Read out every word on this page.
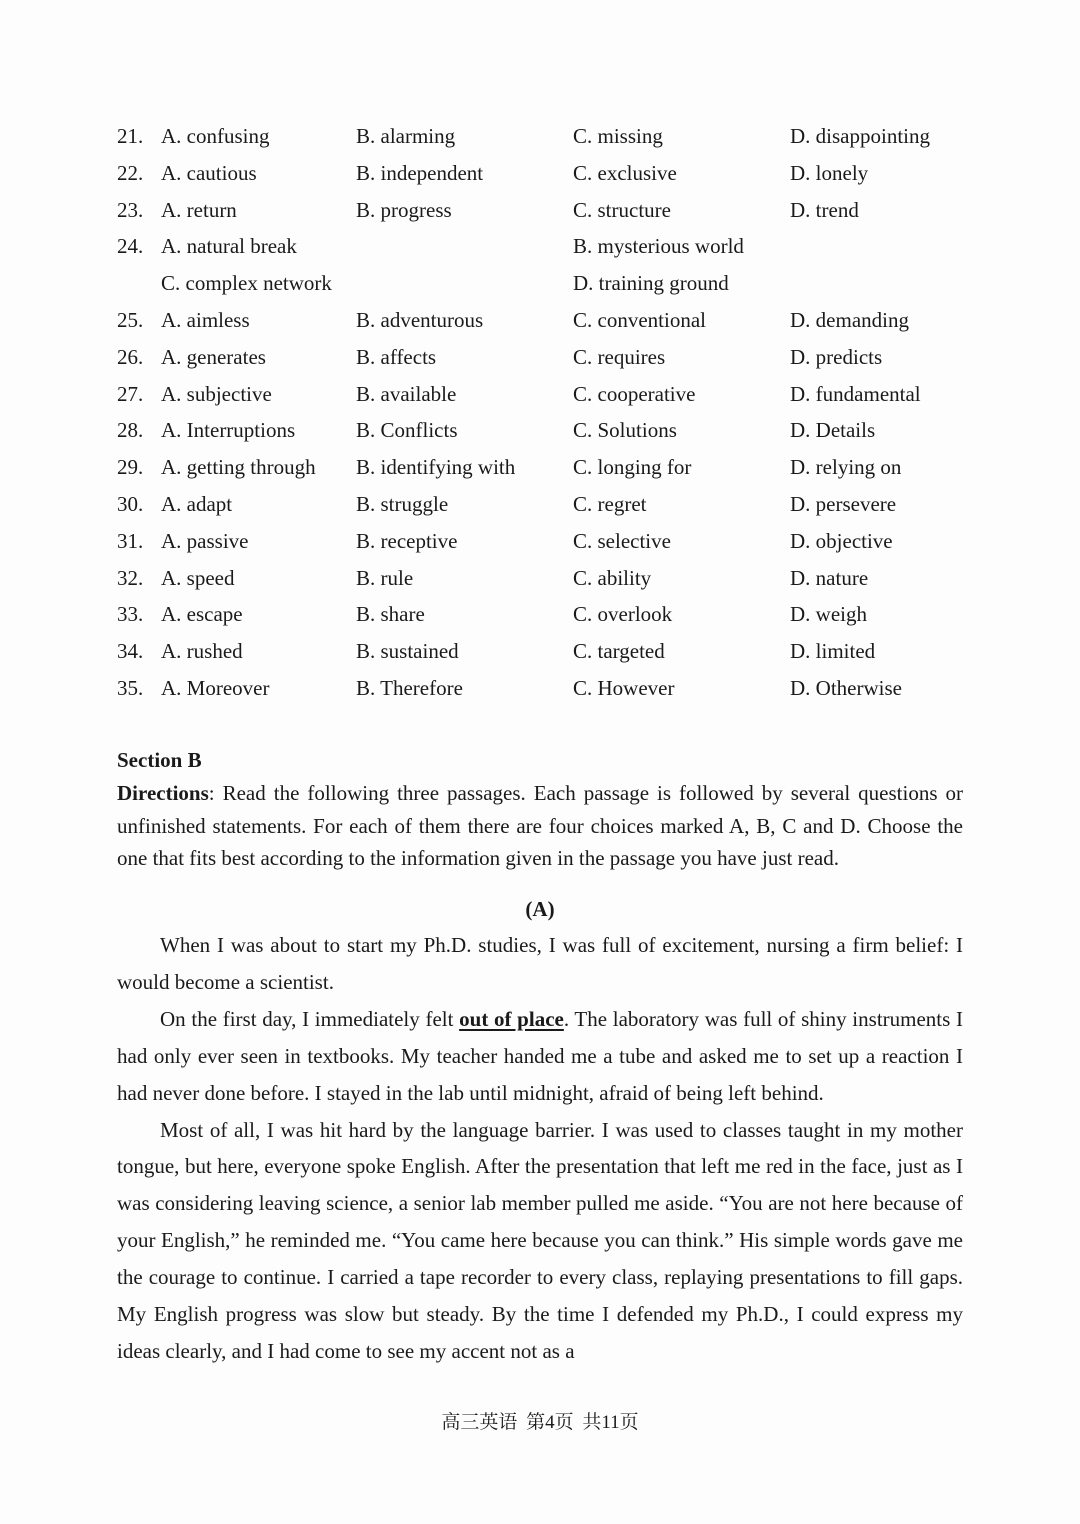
21. A. confusing	B. alarming	C. missing	D. disappointing
22. A. cautious	B. independent	C. exclusive	D. lonely
23. A. return	B. progress	C. structure	D. trend
24. A. natural break	B. mysterious world
C. complex network	D. training ground
25. A. aimless	B. adventurous	C. conventional	D. demanding
26. A. generates	B. affects	C. requires	D. predicts
27. A. subjective	B. available	C. cooperative	D. fundamental
28. A. Interruptions	B. Conflicts	C. Solutions	D. Details
29. A. getting through B. identifying with	C. longing for	D. relying on
30. A. adapt	B. struggle	C. regret	D. persevere
31. A. passive	B. receptive	C. selective	D. objective
32. A. speed	B. rule	C. ability	D. nature
33. A. escape	B. share	C. overlook	D. weigh
34. A. rushed	B. sustained	C. targeted	D. limited
35. A. Moreover	B. Therefore	C. However	D. Otherwise
Section B
Directions: Read the following three passages. Each passage is followed by several questions or unfinished statements. For each of them there are four choices marked A, B, C and D. Choose the one that fits best according to the information given in the passage you have just read.
(A)

When I was about to start my Ph.D. studies, I was full of excitement, nursing a firm belief: I would become a scientist.

On the first day, I immediately felt out of place. The laboratory was full of shiny instruments I had only ever seen in textbooks. My teacher handed me a tube and asked me to set up a reaction I had never done before. I stayed in the lab until midnight, afraid of being left behind.

Most of all, I was hit hard by the language barrier. I was used to classes taught in my mother tongue, but here, everyone spoke English. After the presentation that left me red in the face, just as I was considering leaving science, a senior lab member pulled me aside. “You are not here because of your English,” he reminded me. “You came here because you can think.” His simple words gave me the courage to continue. I carried a tape recorder to every class, replaying presentations to fill gaps. My English progress was slow but steady. By the time I defended my Ph.D., I could express my ideas clearly, and I had come to see my accent not as a

高三英语 第4页 共11页
